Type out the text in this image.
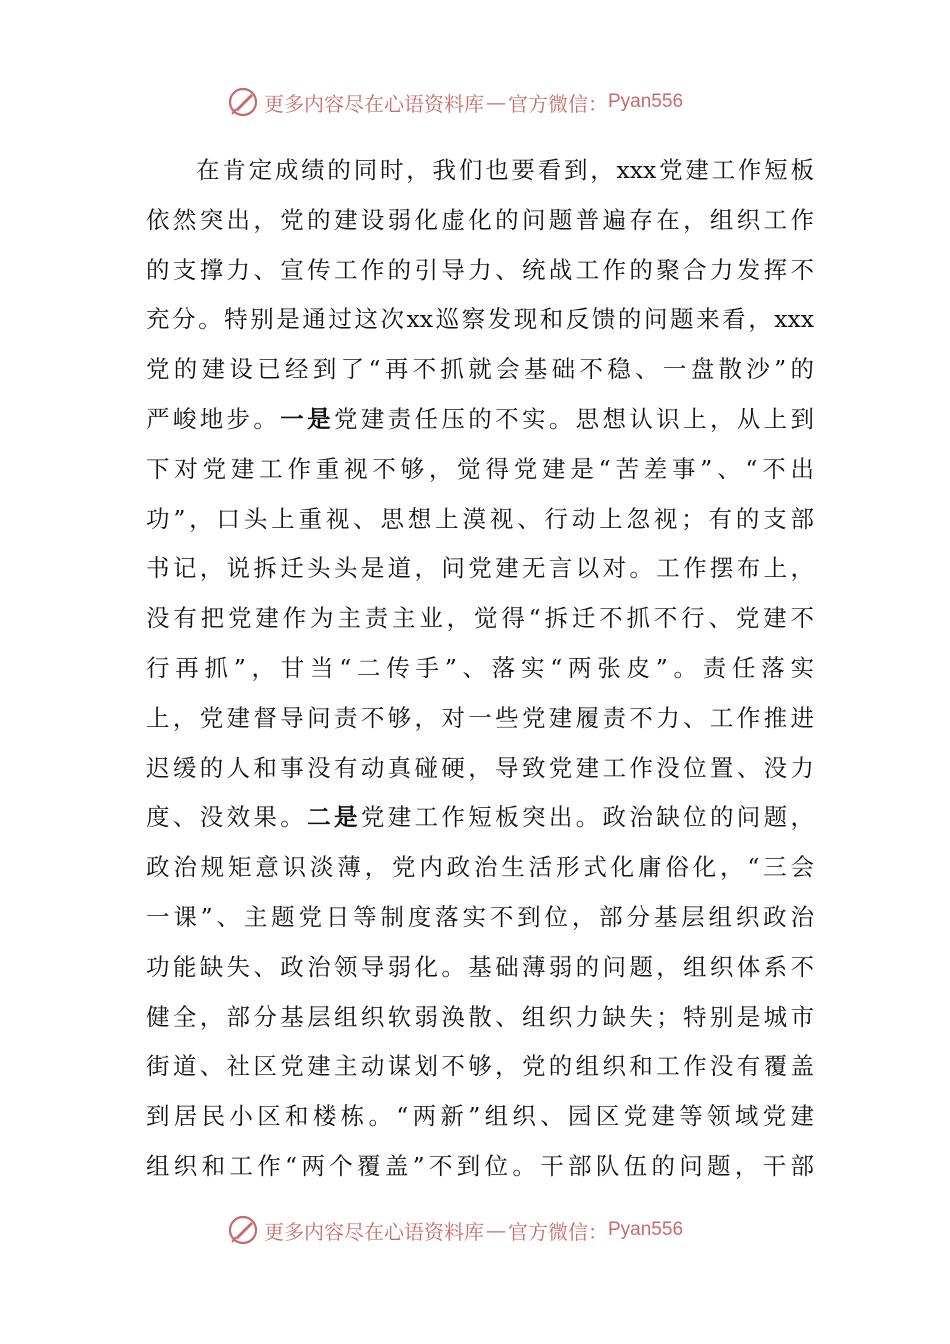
更多内容尽在心语资料库 — 官方微信： Pyan556
在肯定成绩的同时，我们也要看到，xxx党建工作短板
依然突出，党的建设弱化虚化的问题普遍存在，组织工作
的支撑力、宣传工作的引导力、统战工作的聚合力发挥不
充分。特别是通过这次xx巡察发现和反馈的问题来看，xxx
党的建设已经到了“再不抓就会基础不稳、一盘散沙”的
严峻地步。一是党建责任压的不实。思想认识上，从上到
下对党建工作重视不够，觉得党建是“苦差事”、“不出
功”，口头上重视、思想上漠视、行动上忽视；有的支部
书记，说拆迁头头是道，问党建无言以对。工作摆布上，
没有把党建作为主责主业，觉得“拆迁不抓不行、党建不
行再抓”，甘当“二传手”、落实“两张皮”。责任落实
上，党建督导问责不够，对一些党建履责不力、工作推进
迟缓的人和事没有动真碰硬，导致党建工作没位置、没力
度、没效果。二是党建工作短板突出。政治缺位的问题，
政治规矩意识淡薄，党内政治生活形式化庸俗化，“三会
一课”、主题党日等制度落实不到位，部分基层组织政治
功能缺失、政治领导弱化。基础薄弱的问题，组织体系不
健全，部分基层组织软弱涣散、组织力缺失；特别是城市
街道、社区党建主动谋划不够，党的组织和工作没有覆盖
到居民小区和楼栋。“两新”组织、园区党建等领域党建
组织和工作“两个覆盖”不到位。干部队伍的问题，干部
更多内容尽在心语资料库 — 官方微信： Pyan556
